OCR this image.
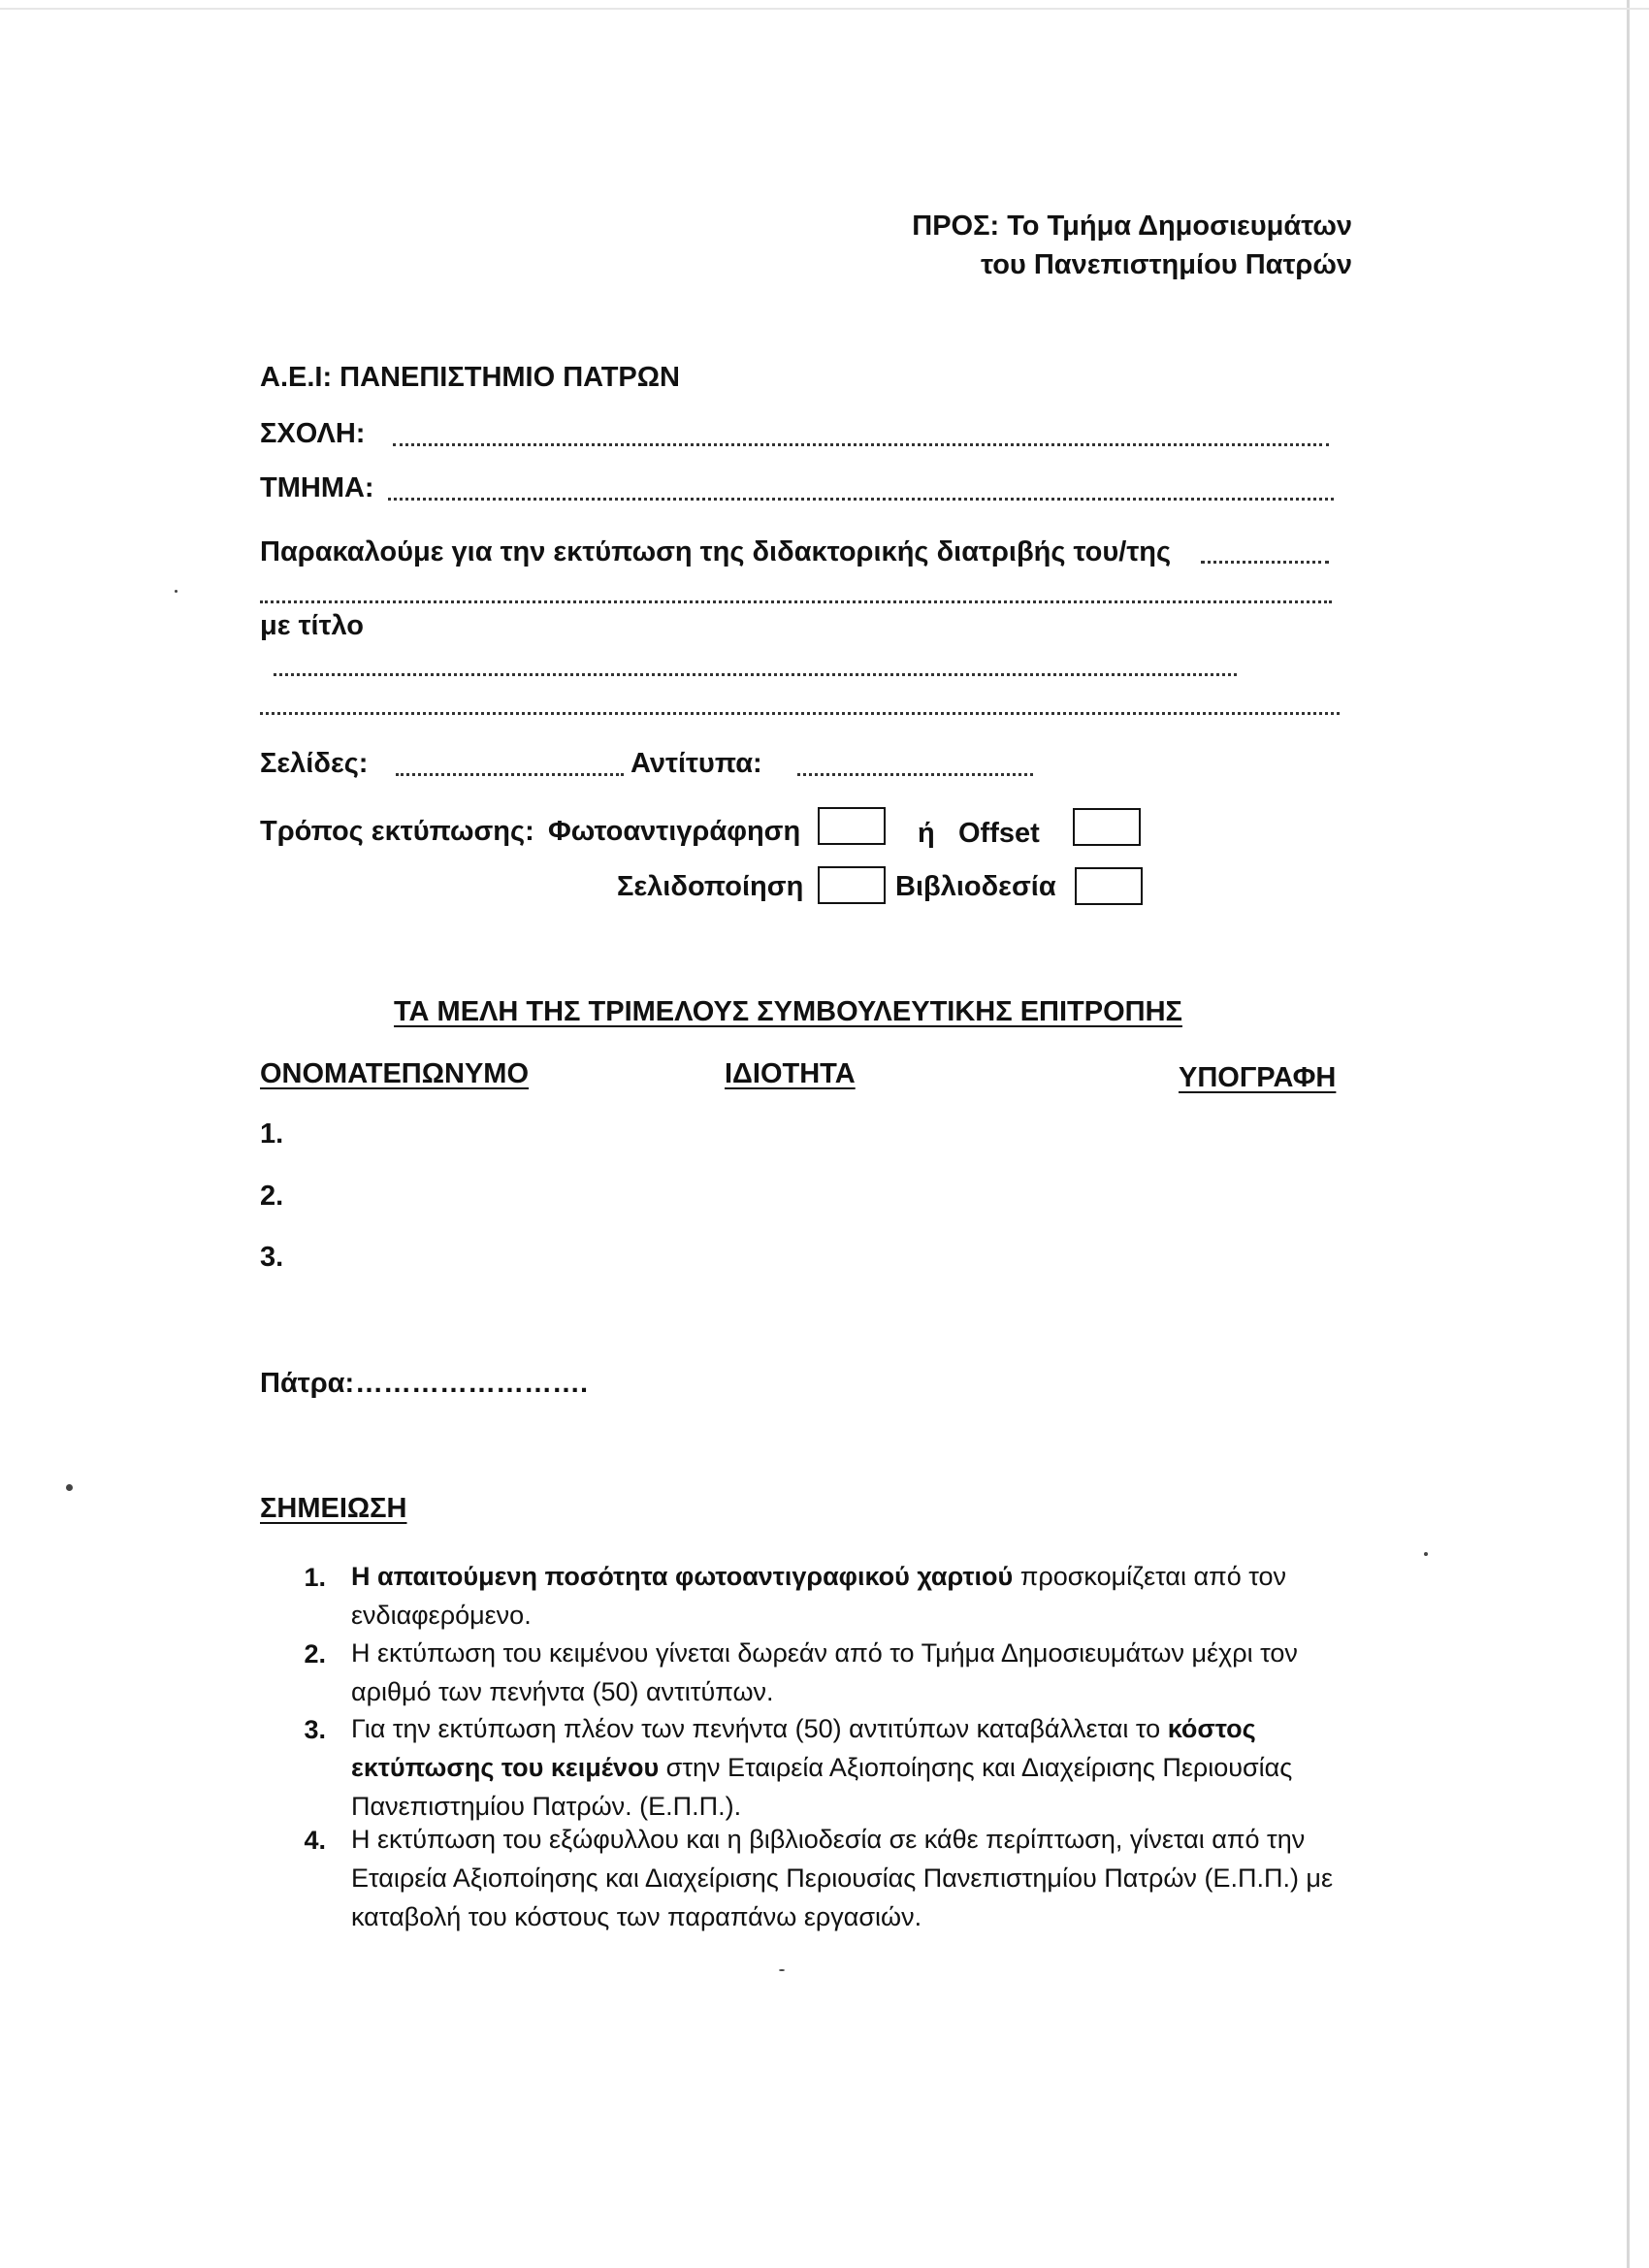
ΠΡΟΣ: Το Τμήμα Δημοσιευμάτων
του Πανεπιστημίου Πατρών
Α.Ε.Ι: ΠΑΝΕΠΙΣΤΗΜΙΟ ΠΑΤΡΩΝ
ΣΧΟΛΗ:
ΤΜΗΜΑ:
Παρακαλούμε για την εκτύπωση της διδακτορικής διατριβής του/της
με τίτλο
Σελίδες:	Αντίτυπα:
Τρόπος εκτύπωσης: Φωτοαντιγράφηση	ή Offset
Σελιδοποίηση	Βιβλιοδεσία
ΤΑ ΜΕΛΗ ΤΗΣ ΤΡΙΜΕΛΟΥΣ ΣΥΜΒΟΥΛΕΥΤΙΚΗΣ ΕΠΙΤΡΟΠΗΣ
ΟΝΟΜΑΤΕΠΩΝΥΜΟ	ΙΔΙΟΤΗΤΑ	ΥΠΟΓΡΑΦΗ
1.
2.
3.
Πάτρα: …………………….
ΣΗΜΕΙΩΣΗ
1. Η απαιτούμενη ποσότητα φωτοαντιγραφικού χαρτιού προσκομίζεται από τον ενδιαφερόμενο.
2. Η εκτύπωση του κειμένου γίνεται δωρεάν από το Τμήμα Δημοσιευμάτων μέχρι τον αριθμό των πενήντα (50) αντιτύπων.
3. Για την εκτύπωση πλέον των πενήντα (50) αντιτύπων καταβάλλεται το κόστος εκτύπωσης του κειμένου στην Εταιρεία Αξιοποίησης και Διαχείρισης Περιουσίας Πανεπιστημίου Πατρών. (Ε.Π.Π.).
4. Η εκτύπωση του εξώφυλλου και η βιβλιοδεσία σε κάθε περίπτωση, γίνεται από την Εταιρεία Αξιοποίησης και Διαχείρισης Περιουσίας Πανεπιστημίου Πατρών (Ε.Π.Π.) με καταβολή του κόστους των παραπάνω εργασιών.
